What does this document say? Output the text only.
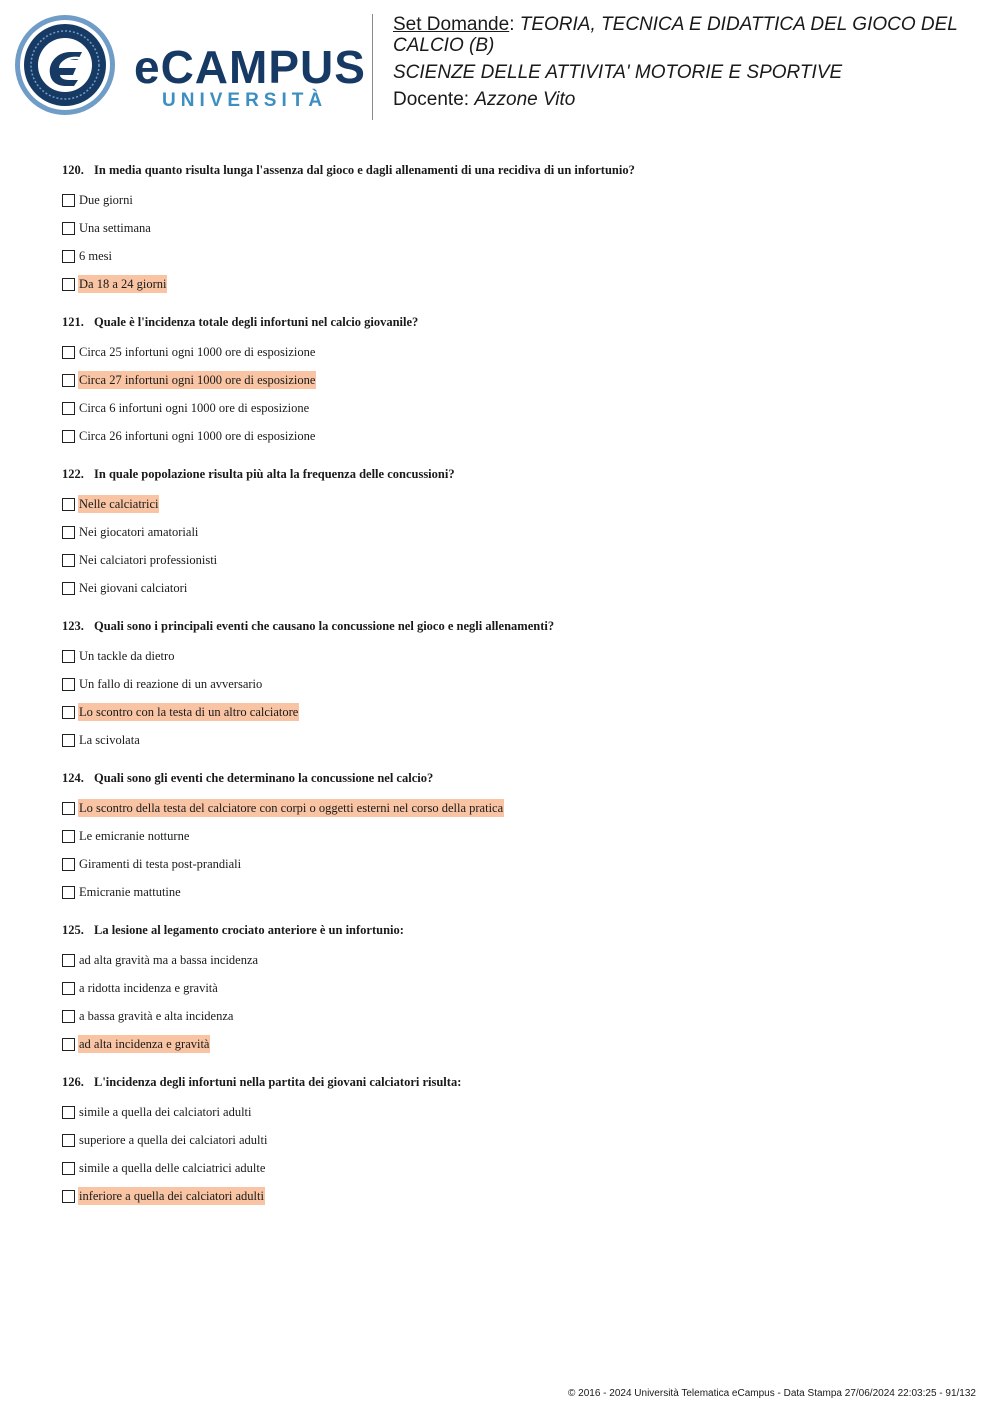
eCAMPUS
UNIVERSITÀ
Set Domande: TEORIA, TECNICA E DIDATTICA DEL GIOCO DEL CALCIO (B)
SCIENZE DELLE ATTIVITA' MOTORIE E SPORTIVE
Docente: Azzone Vito
120. In media quanto risulta lunga l'assenza dal gioco e dagli allenamenti di una recidiva di un infortunio?
Due giorni
Una settimana
6 mesi
Da 18 a 24 giorni
121. Quale è l'incidenza totale degli infortuni nel calcio giovanile?
Circa 25 infortuni ogni 1000 ore di esposizione
Circa 27 infortuni ogni 1000 ore di esposizione
Circa 6 infortuni ogni 1000 ore di esposizione
Circa 26 infortuni ogni 1000 ore di esposizione
122. In quale popolazione risulta più alta la frequenza delle concussioni?
Nelle calciatrici
Nei giocatori amatoriali
Nei calciatori professionisti
Nei giovani calciatori
123. Quali sono i principali eventi che causano la concussione nel gioco e negli allenamenti?
Un tackle da dietro
Un fallo di reazione di un avversario
Lo scontro con la testa di un altro calciatore
La scivolata
124. Quali sono gli eventi che determinano la concussione nel calcio?
Lo scontro della testa del calciatore con corpi o oggetti esterni nel corso della pratica
Le emicranie notturne
Giramenti di testa post-prandiali
Emicranie mattutine
125. La lesione al legamento crociato anteriore è un infortunio:
ad alta gravità ma a bassa incidenza
a ridotta incidenza e gravità
a bassa gravità e alta incidenza
ad alta incidenza e gravità
126. L'incidenza degli infortuni nella partita dei giovani calciatori risulta:
simile a quella dei calciatori adulti
superiore a quella dei calciatori adulti
simile a quella delle calciatrici adulte
inferiore a quella dei calciatori adulti
© 2016 - 2024 Università Telematica eCampus - Data Stampa 27/06/2024 22:03:25 - 91/132
